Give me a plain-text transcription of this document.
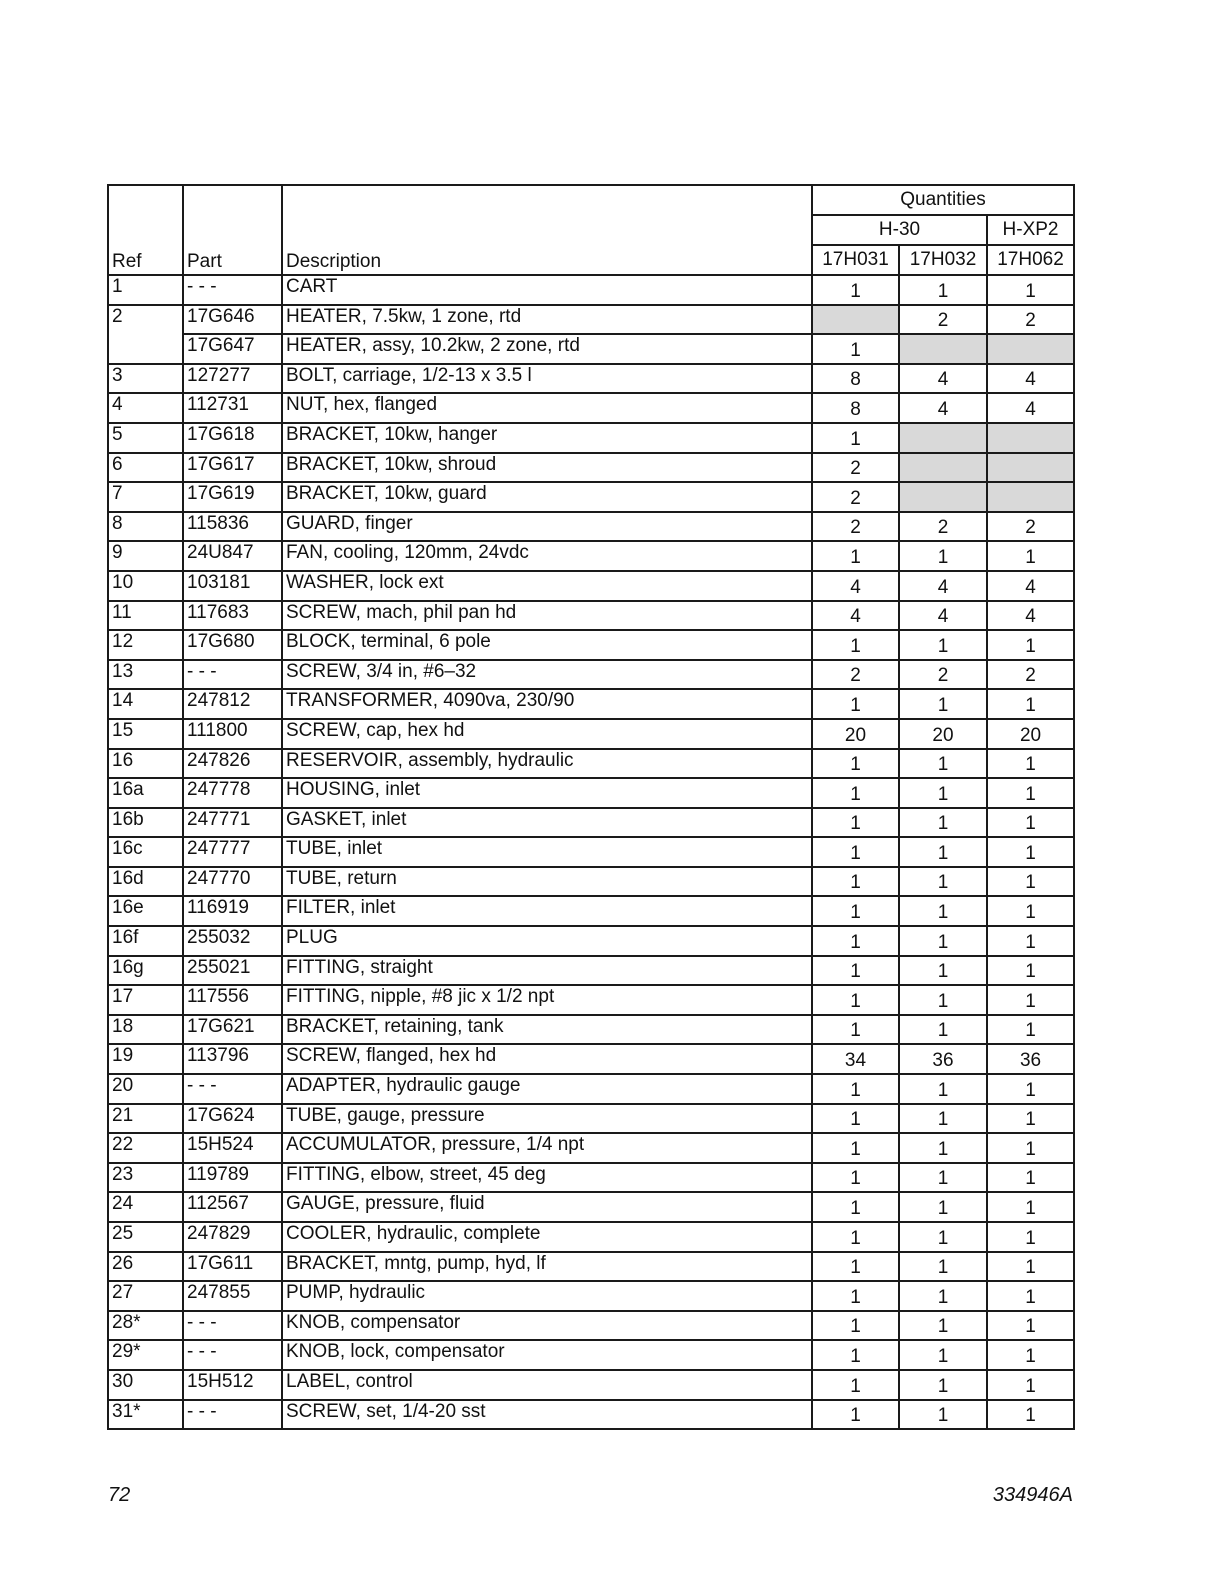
Ref	Part	Description	Quantities		
			H-30		H-XP2
			17H031	17H032	17H062
1	- - -	CART	1	1	1
2	17G646	HEATER, 7.5kw, 1 zone, rtd		2	2
	17G647	HEATER, assy, 10.2kw, 2 zone, rtd	1		
3	127277	BOLT, carriage, 1/2-13 x 3.5 l	8	4	4
4	112731	NUT, hex, flanged	8	4	4
5	17G618	BRACKET, 10kw, hanger	1		
6	17G617	BRACKET, 10kw, shroud	2		
7	17G619	BRACKET, 10kw, guard	2		
8	115836	GUARD, finger	2	2	2
9	24U847	FAN, cooling, 120mm, 24vdc	1	1	1
10	103181	WASHER, lock ext	4	4	4
11	117683	SCREW, mach, phil pan hd	4	4	4
12	17G680	BLOCK, terminal, 6 pole	1	1	1
13	- - -	SCREW, 3/4 in, #6–32	2	2	2
14	247812	TRANSFORMER, 4090va, 230/90	1	1	1
15	111800	SCREW, cap, hex hd	20	20	20
16	247826	RESERVOIR, assembly, hydraulic	1	1	1
16a	247778	HOUSING, inlet	1	1	1
16b	247771	GASKET, inlet	1	1	1
16c	247777	TUBE, inlet	1	1	1
16d	247770	TUBE, return	1	1	1
16e	116919	FILTER, inlet	1	1	1
16f	255032	PLUG	1	1	1
16g	255021	FITTING, straight	1	1	1
17	117556	FITTING, nipple, #8 jic x 1/2 npt	1	1	1
18	17G621	BRACKET, retaining, tank	1	1	1
19	113796	SCREW, flanged, hex hd	34	36	36
20	- - -	ADAPTER, hydraulic gauge	1	1	1
21	17G624	TUBE, gauge, pressure	1	1	1
22	15H524	ACCUMULATOR, pressure, 1/4 npt	1	1	1
23	119789	FITTING, elbow, street, 45 deg	1	1	1
24	112567	GAUGE, pressure, fluid	1	1	1
25	247829	COOLER, hydraulic, complete	1	1	1
26	17G611	BRACKET, mntg, pump, hyd, lf	1	1	1
27	247855	PUMP, hydraulic	1	1	1
28*	- - -	KNOB, compensator	1	1	1
29*	- - -	KNOB, lock, compensator	1	1	1
30	15H512	LABEL, control	1	1	1
31*	- - -	SCREW, set, 1/4-20 sst	1	1	1
72	334946A
